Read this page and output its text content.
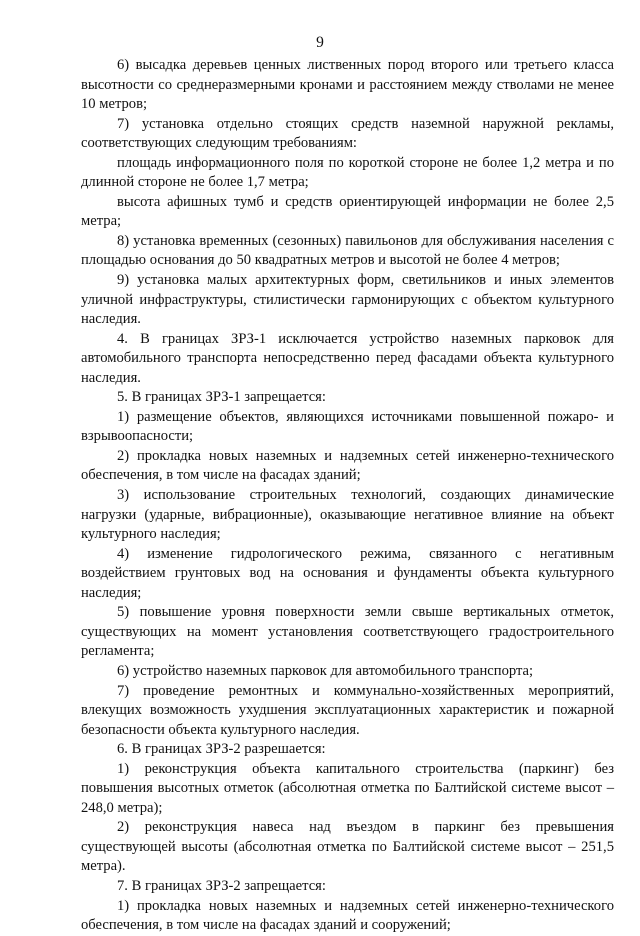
9

6) высадка деревьев ценных лиственных пород второго или третьего класса высотности со среднеразмерными кронами и расстоянием между стволами не менее 10 метров;

7) установка отдельно стоящих средств наземной наружной рекламы, соответствующих следующим требованиям:

площадь информационного поля по короткой стороне не более 1,2 метра и по длинной стороне не более 1,7 метра;

высота афишных тумб и средств ориентирующей информации не более 2,5 метра;

8) установка временных (сезонных) павильонов для обслуживания населения с площадью основания до 50 квадратных метров и высотой не более 4 метров;

9) установка малых архитектурных форм, светильников и иных элементов уличной инфраструктуры, стилистически гармонирующих с объектом культурного наследия.

4. В границах ЗРЗ-1 исключается устройство наземных парковок для автомобильного транспорта непосредственно перед фасадами объекта культурного наследия.

5. В границах ЗРЗ-1 запрещается:

1) размещение объектов, являющихся источниками повышенной пожаро- и взрывоопасности;

2) прокладка новых наземных и надземных сетей инженерно-технического обеспечения, в том числе на фасадах зданий;

3) использование строительных технологий, создающих динамические нагрузки (ударные, вибрационные), оказывающие негативное влияние на объект культурного наследия;

4) изменение гидрологического режима, связанного с негативным воздействием грунтовых вод на основания и фундаменты объекта культурного наследия;

5) повышение уровня поверхности земли свыше вертикальных отметок, существующих на момент установления соответствующего градостроительного регламента;

6) устройство наземных парковок для автомобильного транспорта;

7) проведение ремонтных и коммунально-хозяйственных мероприятий, влекущих возможность ухудшения эксплуатационных характеристик и пожарной безопасности объекта культурного наследия.

6. В границах ЗРЗ-2 разрешается:

1) реконструкция объекта капитального строительства (паркинг) без повышения высотных отметок (абсолютная отметка по Балтийской системе высот – 248,0 метра);

2) реконструкция навеса над въездом в паркинг без превышения существующей высоты (абсолютная отметка по Балтийской системе высот – 251,5 метра).

7. В границах ЗРЗ-2 запрещается:

1) прокладка новых наземных и надземных сетей инженерно-технического обеспечения, в том числе на фасадах зданий и сооружений;
